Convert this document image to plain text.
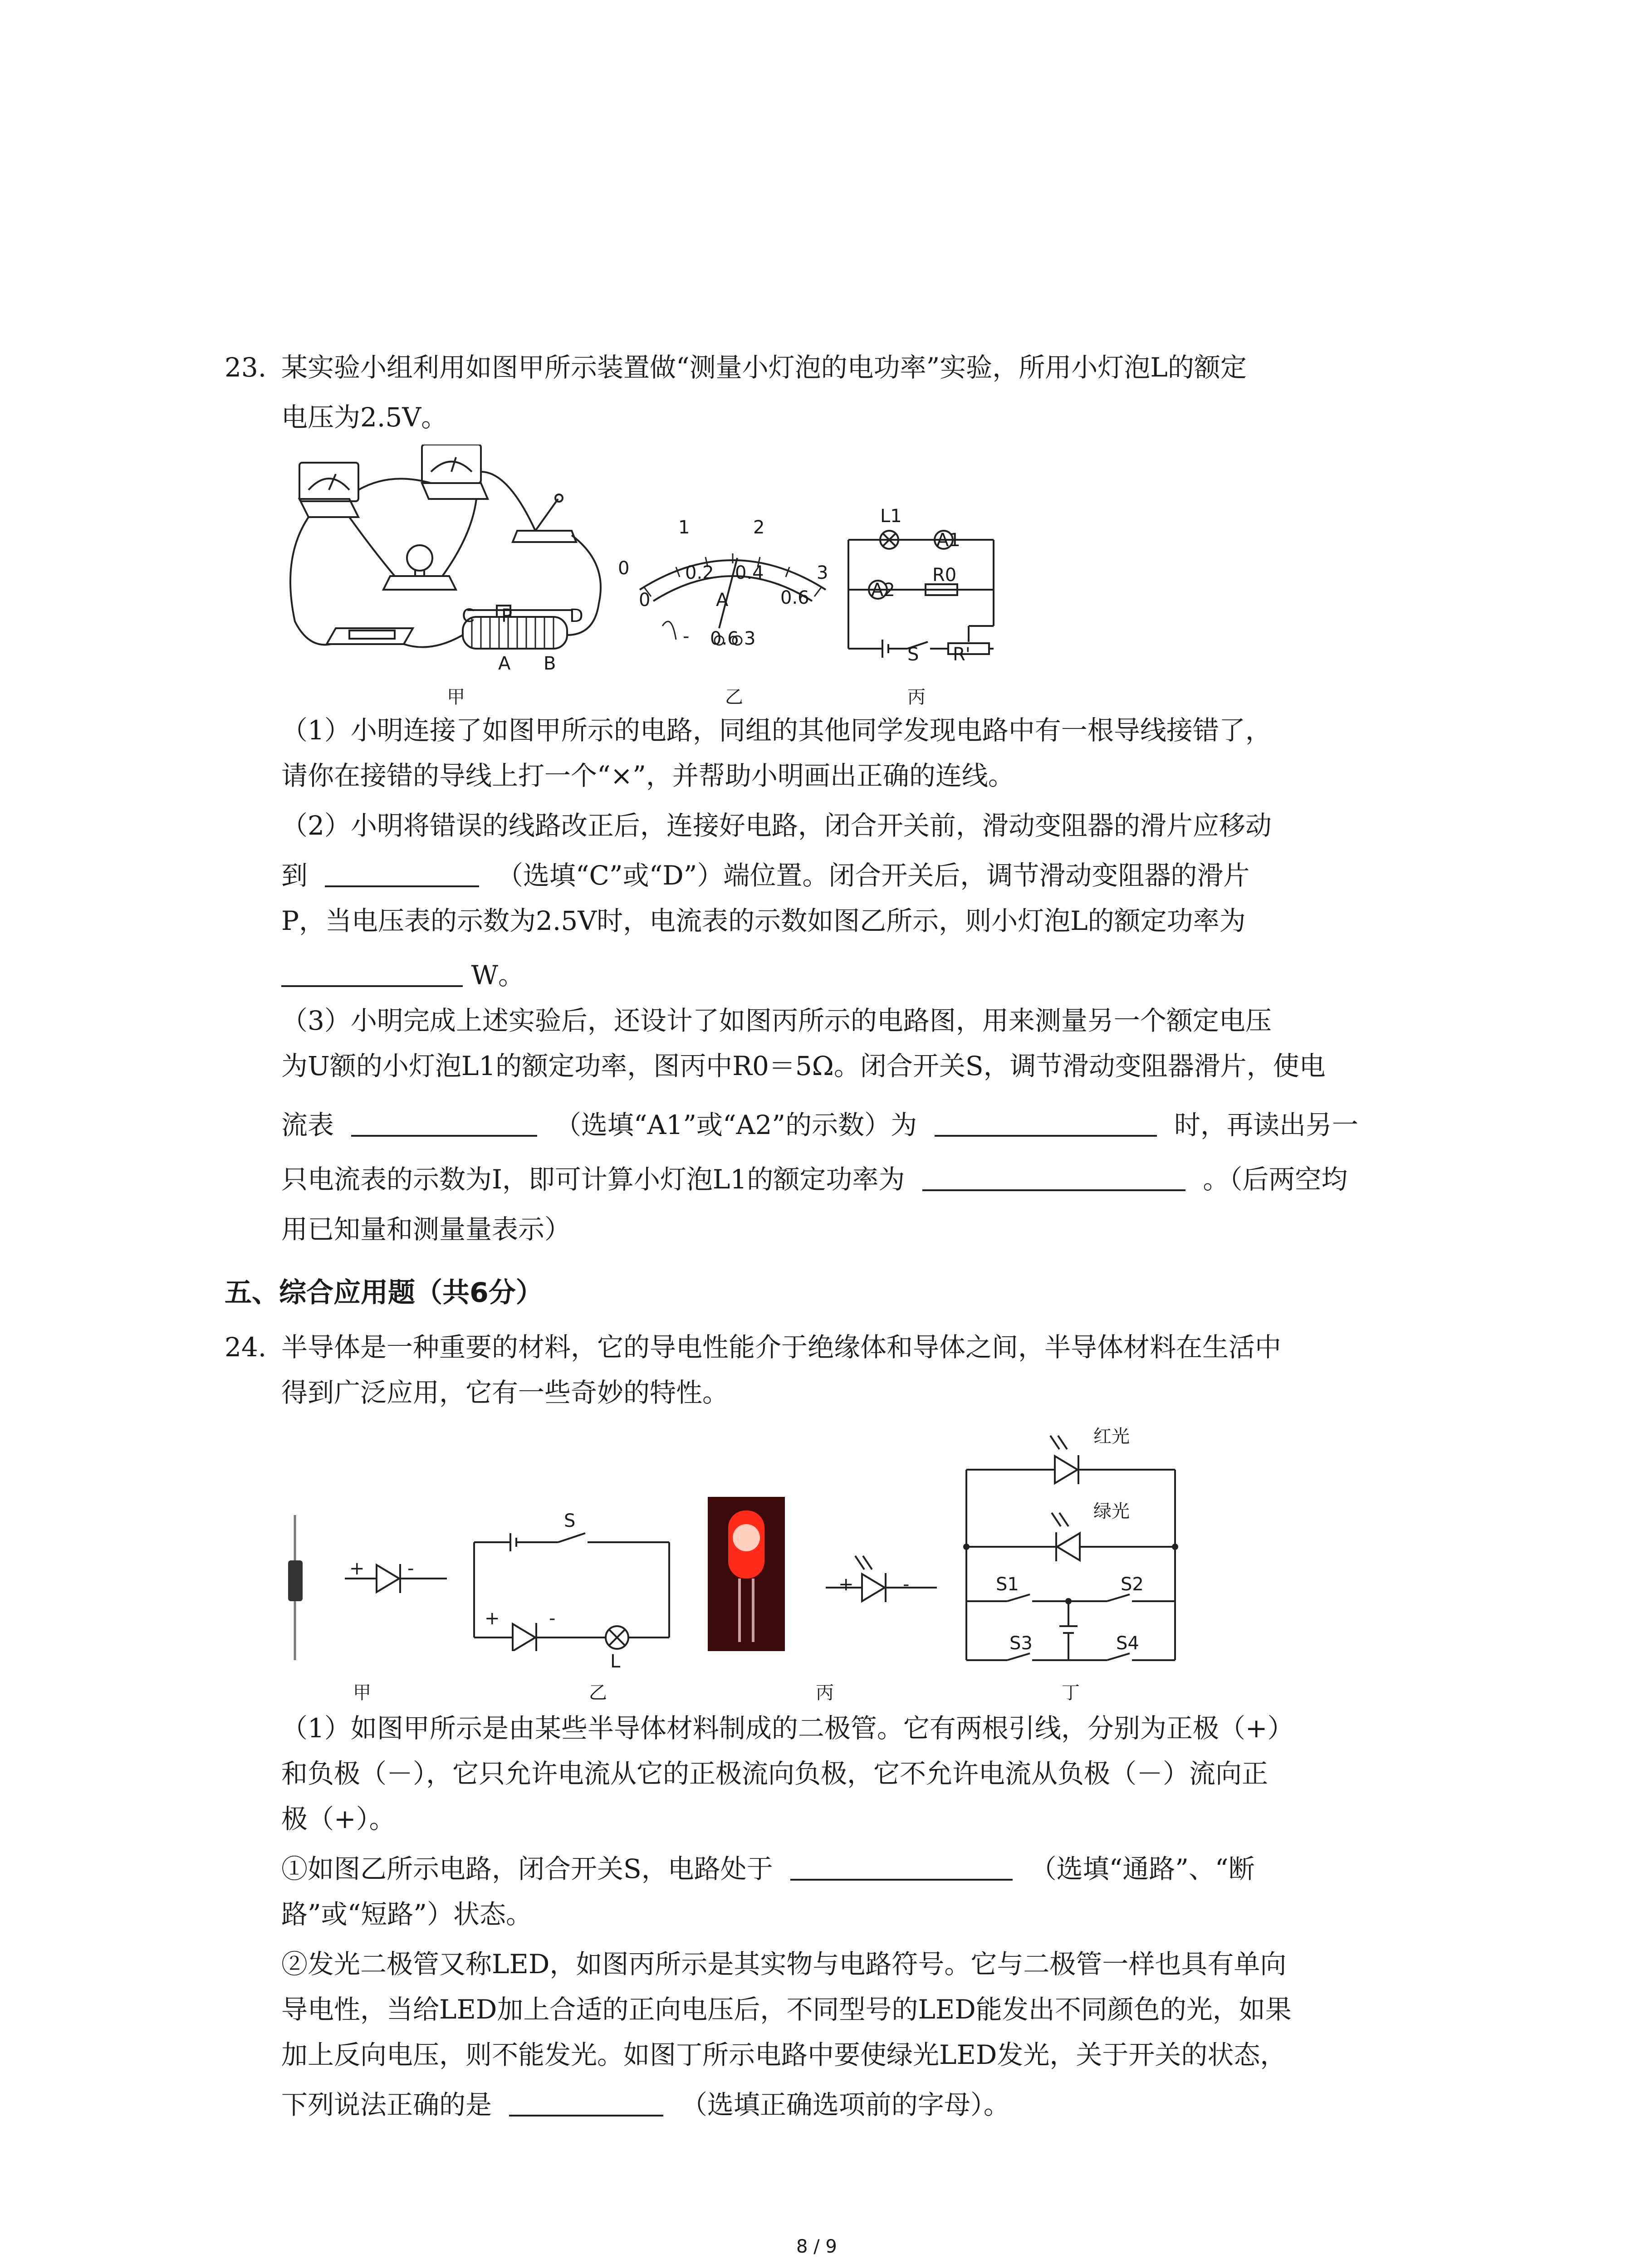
23. 某实验小组利用如图甲所示装置做“测量小灯泡的电功率”实验，所用小灯泡L的额定
电压为2.5V。
C P	D
A B
甲
0
1	2
3
0
0.2 0.4
0.6
A
- 0.6 3
乙
L1
A1
A2
R0
S R'
丙
（1）小明连接了如图甲所示的电路，同组的其他同学发现电路中有一根导线接错了，
请你在接错的导线上打一个“×”，并帮助小明画出正确的连线。
（2）小明将错误的线路改正后，连接好电路，闭合开关前，滑动变阻器的滑片应移动
到	（选填“C”或“D”）端位置。闭合开关后，调节滑动变阻器的滑片
P，当电压表的示数为2.5V时，电流表的示数如图乙所示，则小灯泡L的额定功率为
W。
（3）小明完成上述实验后，还设计了如图丙所示的电路图，用来测量另一个额定电压
为U额的小灯泡L1的额定功率，图丙中R0＝5Ω。闭合开关S，调节滑动变阻器滑片，使电
流表	（选填“A1”或“A2”的示数）为	时，再读出另一
只电流表的示数为I，即可计算小灯泡L1的额定功率为	。（后两空均
用已知量和测量量表示）
五、综合应用题（共6分）
24. 半导体是一种重要的材料，它的导电性能介于绝缘体和导体之间，半导体材料在生活中
得到广泛应用，它有一些奇妙的特性。
+ -
甲
S
+	-
L
乙
+	-
丙
红光
绿光
S1	S2
S3	S4
丁
（1）如图甲所示是由某些半导体材料制成的二极管。它有两根引线，分别为正极（+）
和负极（－），它只允许电流从它的正极流向负极，它不允许电流从负极（－）流向正
极（+）。
①如图乙所示电路，闭合开关S，电路处于	（选填“通路”、“断
路”或“短路”）状态。
②发光二极管又称LED，如图丙所示是其实物与电路符号。它与二极管一样也具有单向
导电性，当给LED加上合适的正向电压后，不同型号的LED能发出不同颜色的光，如果
加上反向电压，则不能发光。如图丁所示电路中要使绿光LED发光，关于开关的状态，
下列说法正确的是	（选填正确选项前的字母）。
8 / 9
